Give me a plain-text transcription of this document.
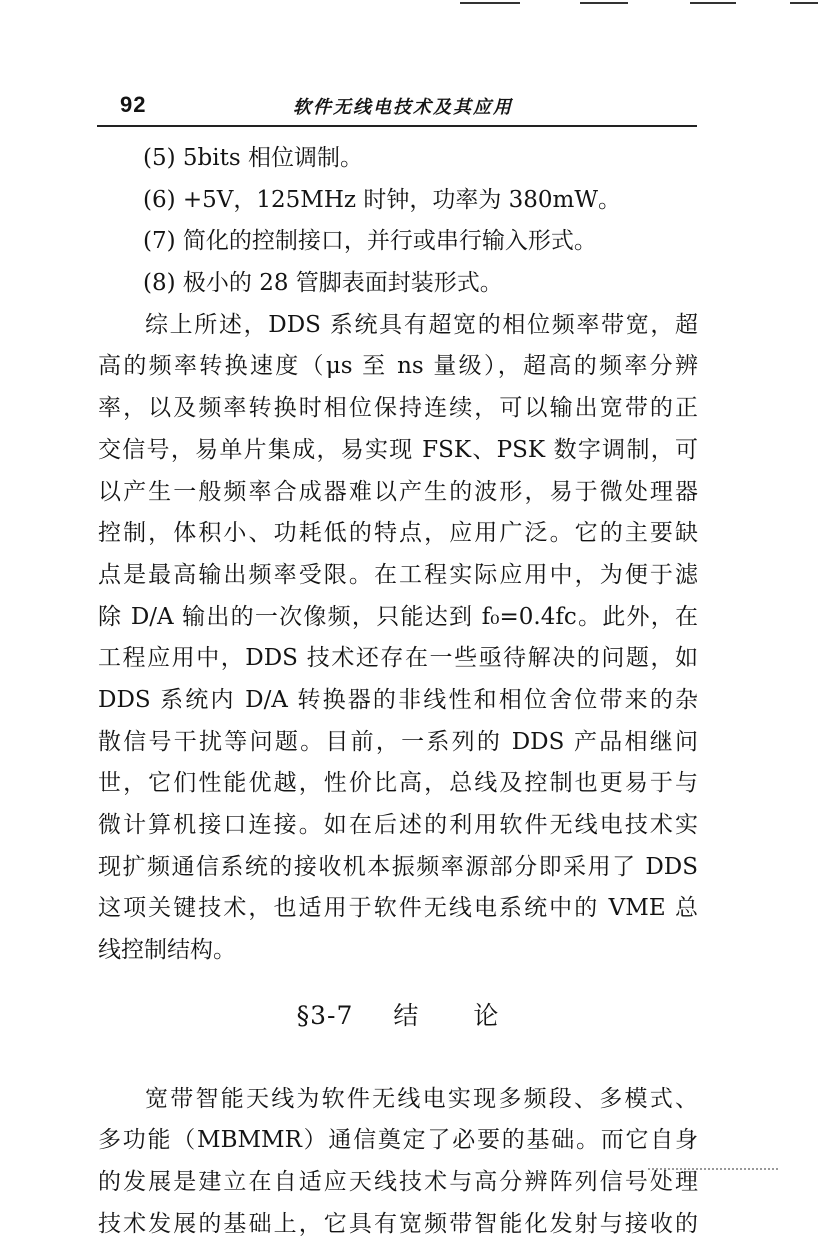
92	软件无线电技术及其应用
(5) 5bits 相位调制。
(6) +5V，125MHz 时钟，功率为 380mW。
(7) 简化的控制接口，并行或串行输入形式。
(8) 极小的 28 管脚表面封装形式。
综上所述，DDS 系统具有超宽的相位频率带宽，超
高的频率转换速度（μs 至 ns 量级），超高的频率分辨
率，以及频率转换时相位保持连续，可以输出宽带的正
交信号，易单片集成，易实现 FSK、PSK 数字调制，可
以产生一般频率合成器难以产生的波形，易于微处理器
控制，体积小、功耗低的特点，应用广泛。它的主要缺
点是最高输出频率受限。在工程实际应用中，为便于滤
除 D/A 输出的一次像频，只能达到 f₀=0.4fc。此外，在
工程应用中，DDS 技术还存在一些亟待解决的问题，如
DDS 系统内 D/A 转换器的非线性和相位舍位带来的杂
散信号干扰等问题。目前，一系列的 DDS 产品相继问
世，它们性能优越，性价比高，总线及控制也更易于与
微计算机接口连接。如在后述的利用软件无线电技术实
现扩频通信系统的接收机本振频率源部分即采用了 DDS
这项关键技术，也适用于软件无线电系统中的 VME 总
线控制结构。
§3-7 结 论
宽带智能天线为软件无线电实现多频段、多模式、
多功能（MBMMR）通信奠定了必要的基础。而它自身
的发展是建立在自适应天线技术与高分辨阵列信号处理
技术发展的基础上，它具有宽频带智能化发射与接收的
